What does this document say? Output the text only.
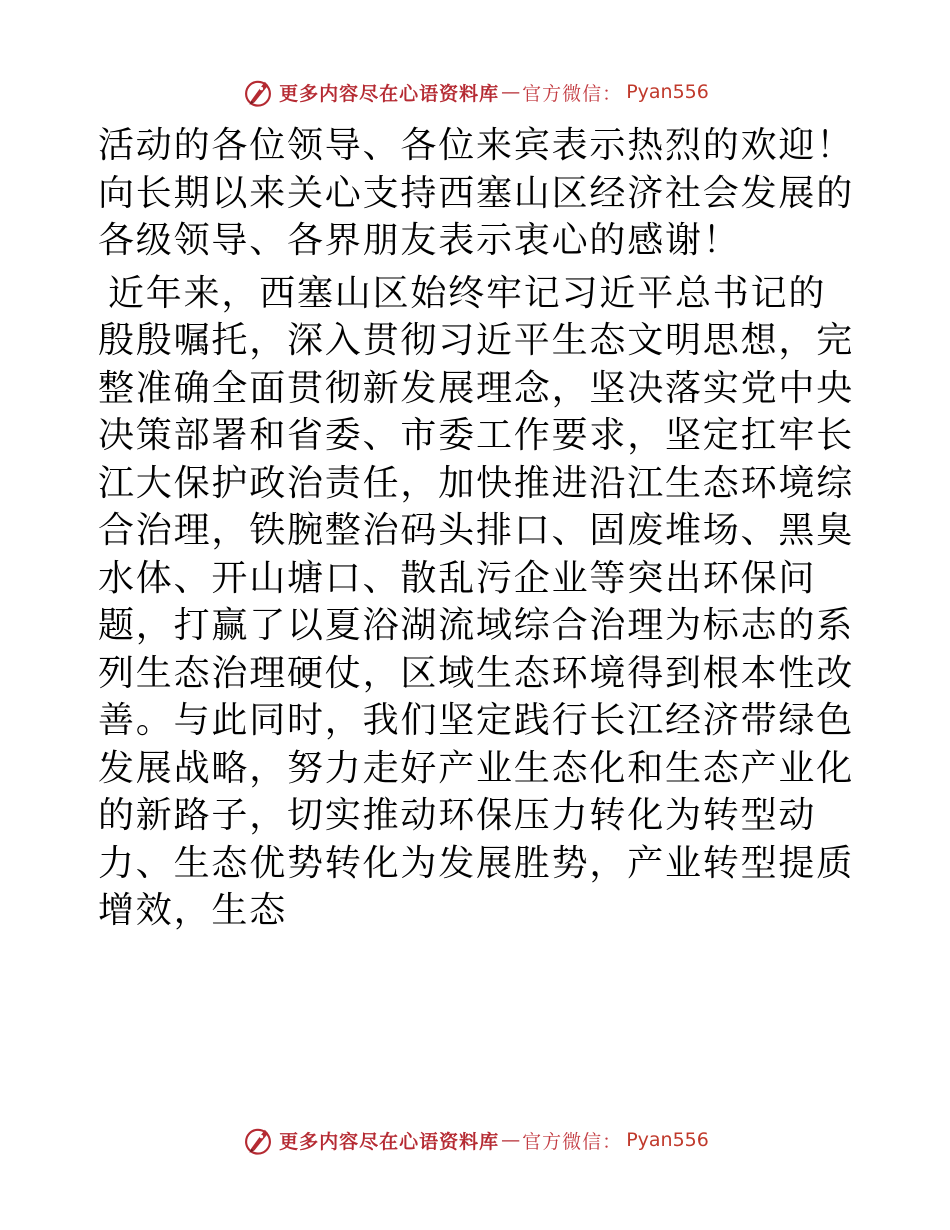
更多内容尽在心语资料库 — 官方微信： Pyan556

活动的各位领导、各位来宾表示热烈的欢迎！向长期以来关心支持西塞山区经济社会发展的各级领导、各界朋友表示衷心的感谢！

近年来，西塞山区始终牢记习近平总书记的殷殷嘱托，深入贯彻习近平生态文明思想，完整准确全面贯彻新发展理念，坚决落实党中央决策部署和省委、市委工作要求，坚定扛牢长江大保护政治责任，加快推进沿江生态环境综合治理，铁腕整治码头排口、固废堆场、黑臭水体、开山塘口、散乱污企业等突出环保问题，打赢了以夏浴湖流域综合治理为标志的系列生态治理硬仗，区域生态环境得到根本性改善。与此同时，我们坚定践行长江经济带绿色发展战略，努力走好产业生态化和生态产业化的新路子，切实推动环保压力转化为转型动力、生态优势转化为发展胜势，产业转型提质增效，生态

更多内容尽在心语资料库 — 官方微信： Pyan556
